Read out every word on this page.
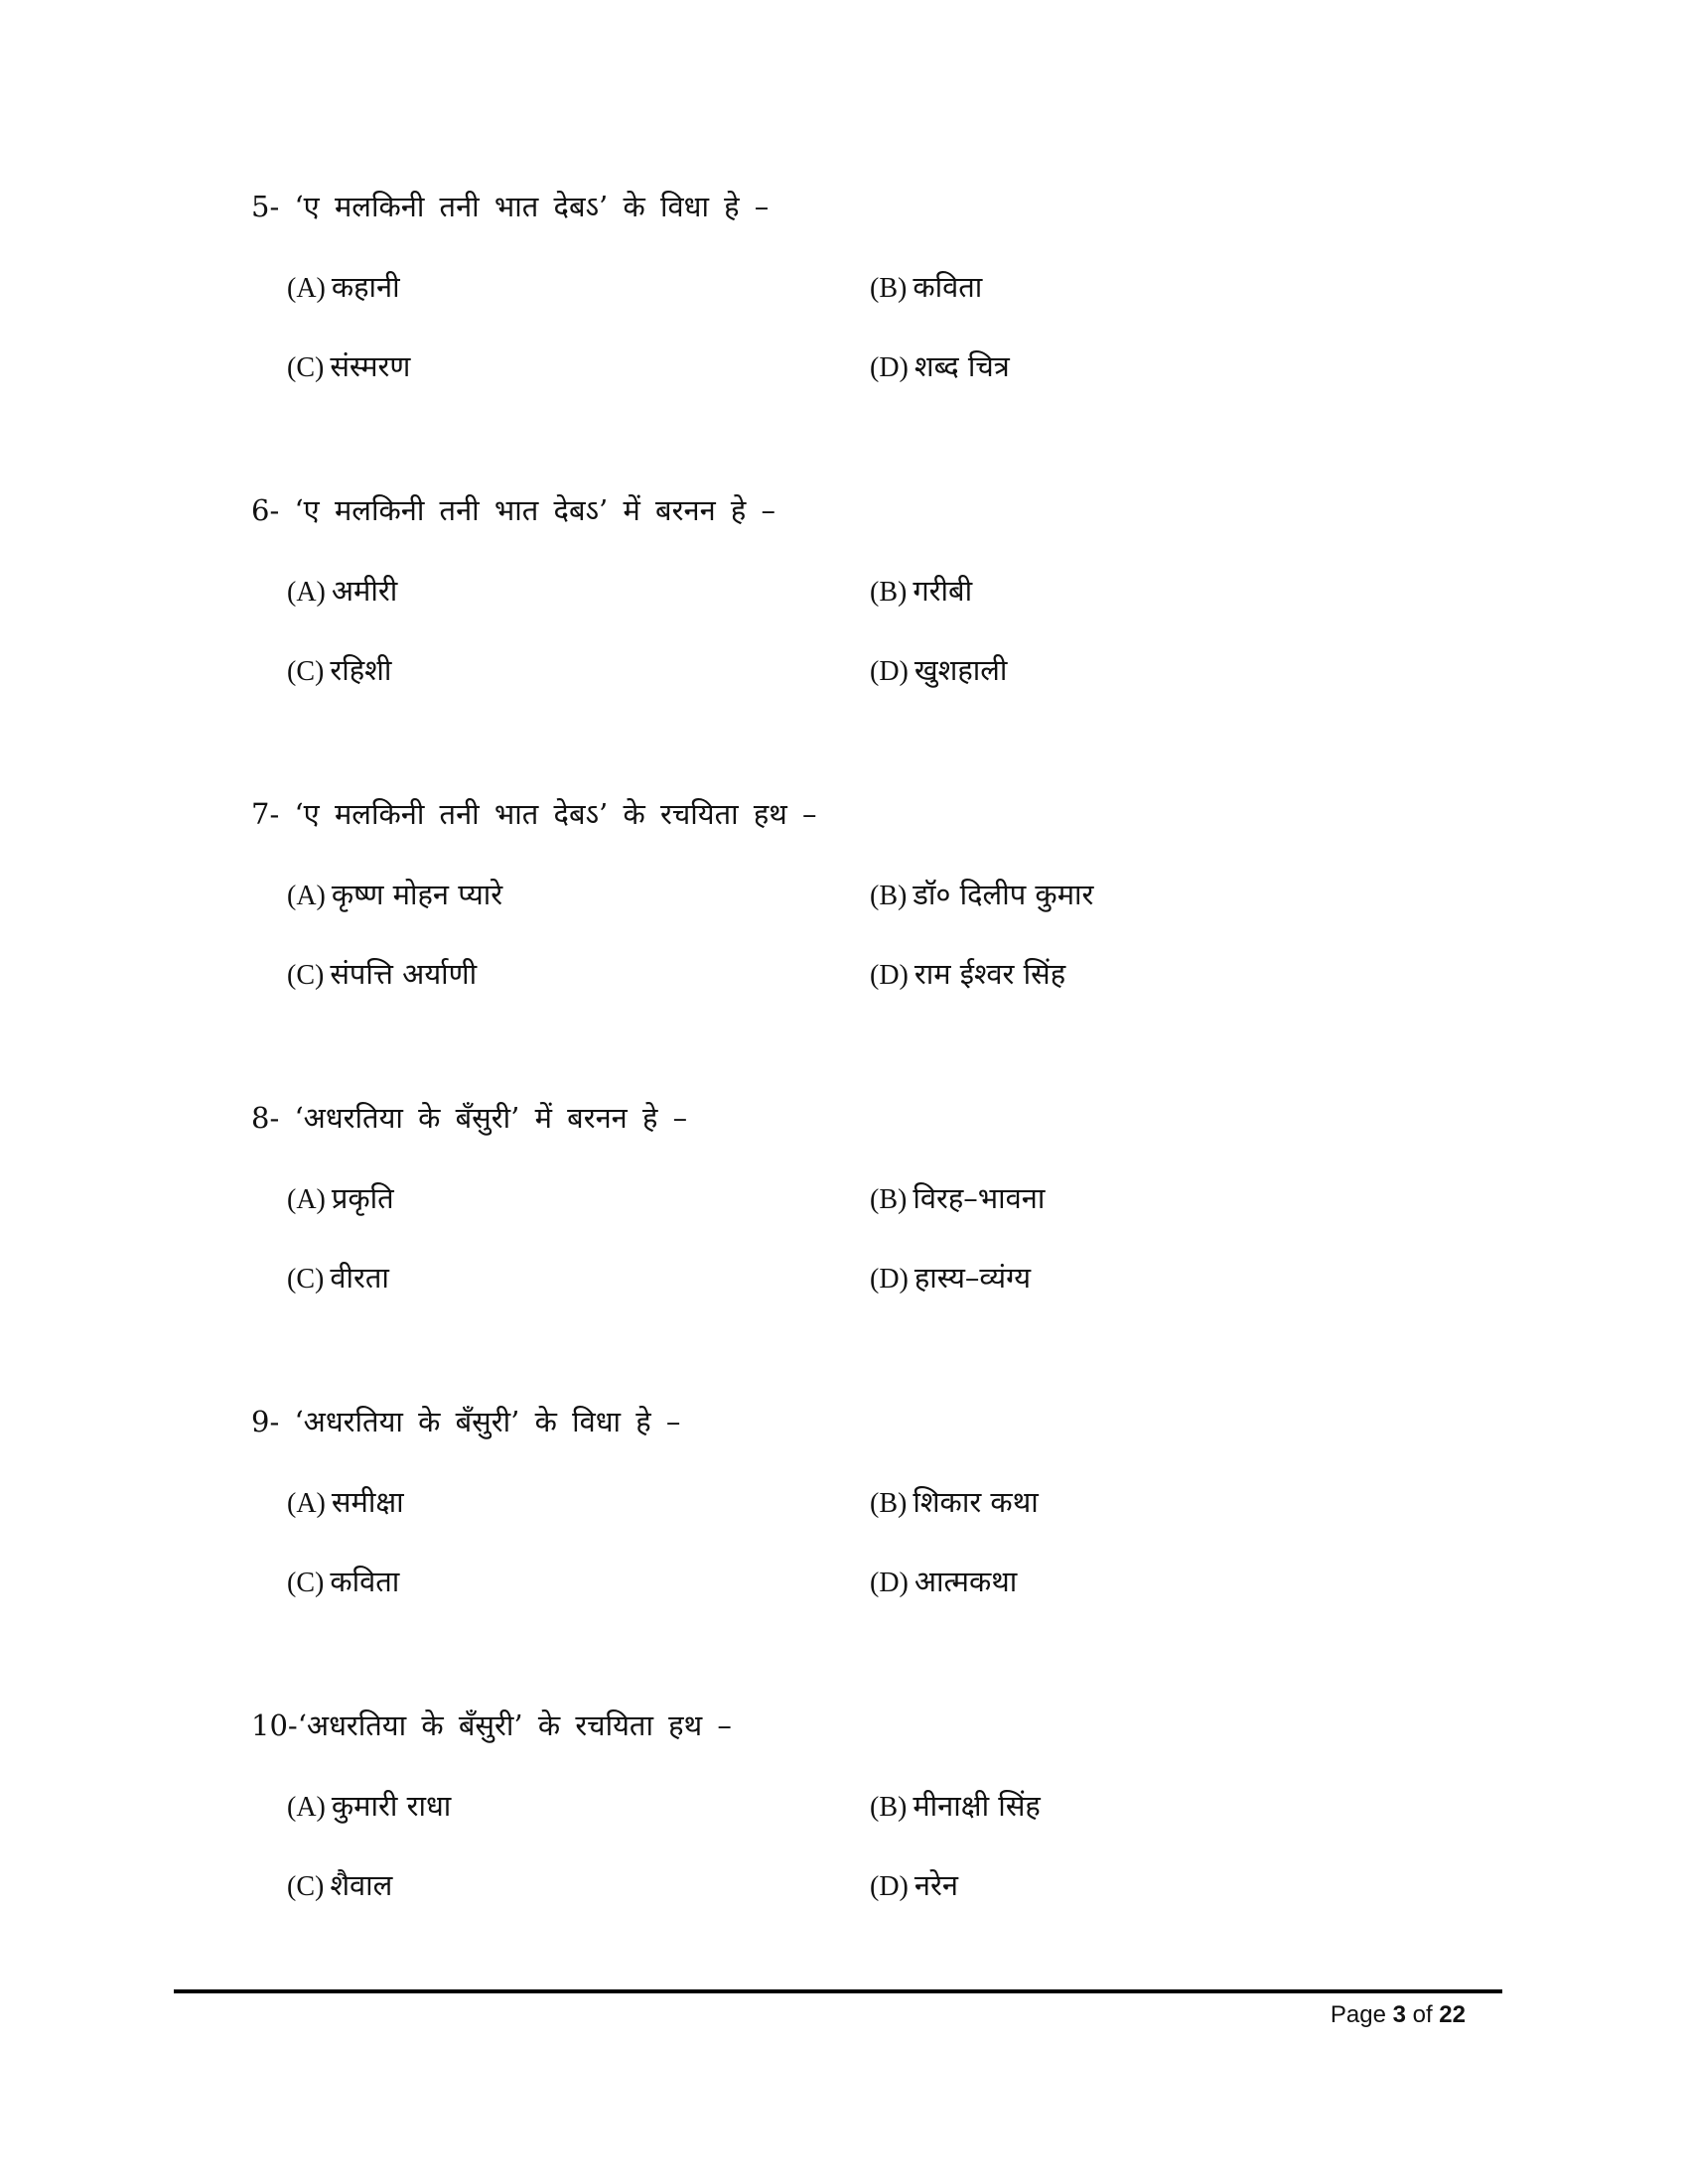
5- ‘ए मलकिनी तनी भात देबऽ’ के विधा हे –
(A) कहानी	(B) कविता
(C) संस्मरण	(D) शब्द चित्र
6- ‘ए मलकिनी तनी भात देबऽ’ में बरनन हे –
(A) अमीरी	(B) गरीबी
(C) रहिशी	(D) खुशहाली
7- ‘ए मलकिनी तनी भात देबऽ’ के रचयिता हथ –
(A) कृष्ण मोहन प्यारे	(B) डॉ० दिलीप कुमार
(C) संपत्ति अर्याणी	(D) राम ईश्वर सिंह
8- ‘अधरतिया के बँसुरी’ में बरनन हे –
(A) प्रकृति	(B) विरह–भावना
(C) वीरता	(D) हास्य–व्यंग्य
9- ‘अधरतिया के बँसुरी’ के विधा हे –
(A) समीक्षा	(B) शिकार कथा
(C) कविता	(D) आत्मकथा
10-‘अधरतिया के बँसुरी’ के रचयिता हथ –
(A) कुमारी राधा	(B) मीनाक्षी सिंह
(C) शैवाल	(D) नरेन
Page 3 of 22
